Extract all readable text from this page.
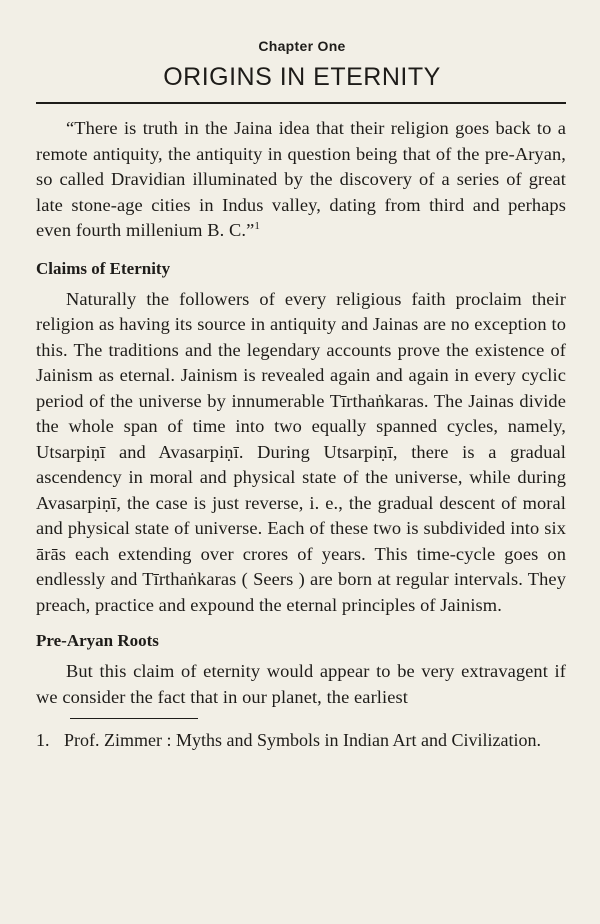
Chapter One
ORIGINS IN ETERNITY

“There is truth in the Jaina idea that their religion goes back to a remote antiquity, the antiquity in question being that of the pre-Aryan, so called Dravidian illuminated by the discovery of a series of great late stone-age cities in Indus valley, dating from third and perhaps even fourth millenium B. C.”$^1$

Claims of Eternity

Naturally the followers of every religious faith proclaim their religion as having its source in antiquity and Jainas are no exception to this. The traditions and the legendary accounts prove the existence of Jainism as eternal. Jainism is revealed again and again in every cyclic period of the universe by innumerable Tīrthaṅkaras. The Jainas divide the whole span of time into two equally spanned cycles, namely, Utsarpiṇī and Avasarpiṇī. During Utsarpiṇī, there is a gradual ascendency in moral and physical state of the universe, while during Avasarpiṇī, the case is just reverse, i. e., the gradual descent of moral and physical state of universe. Each of these two is subdivided into six ārās each extending over crores of years. This time-cycle goes on endlessly and Tīrthaṅkaras ( Seers ) are born at regular intervals. They preach, practice and expound the eternal principles of Jainism.

Pre-Aryan Roots

But this claim of eternity would appear to be very extravagent if we consider the fact that in our planet, the earliest

1. Prof. Zimmer : Myths and Symbols in Indian Art and Civilization.
